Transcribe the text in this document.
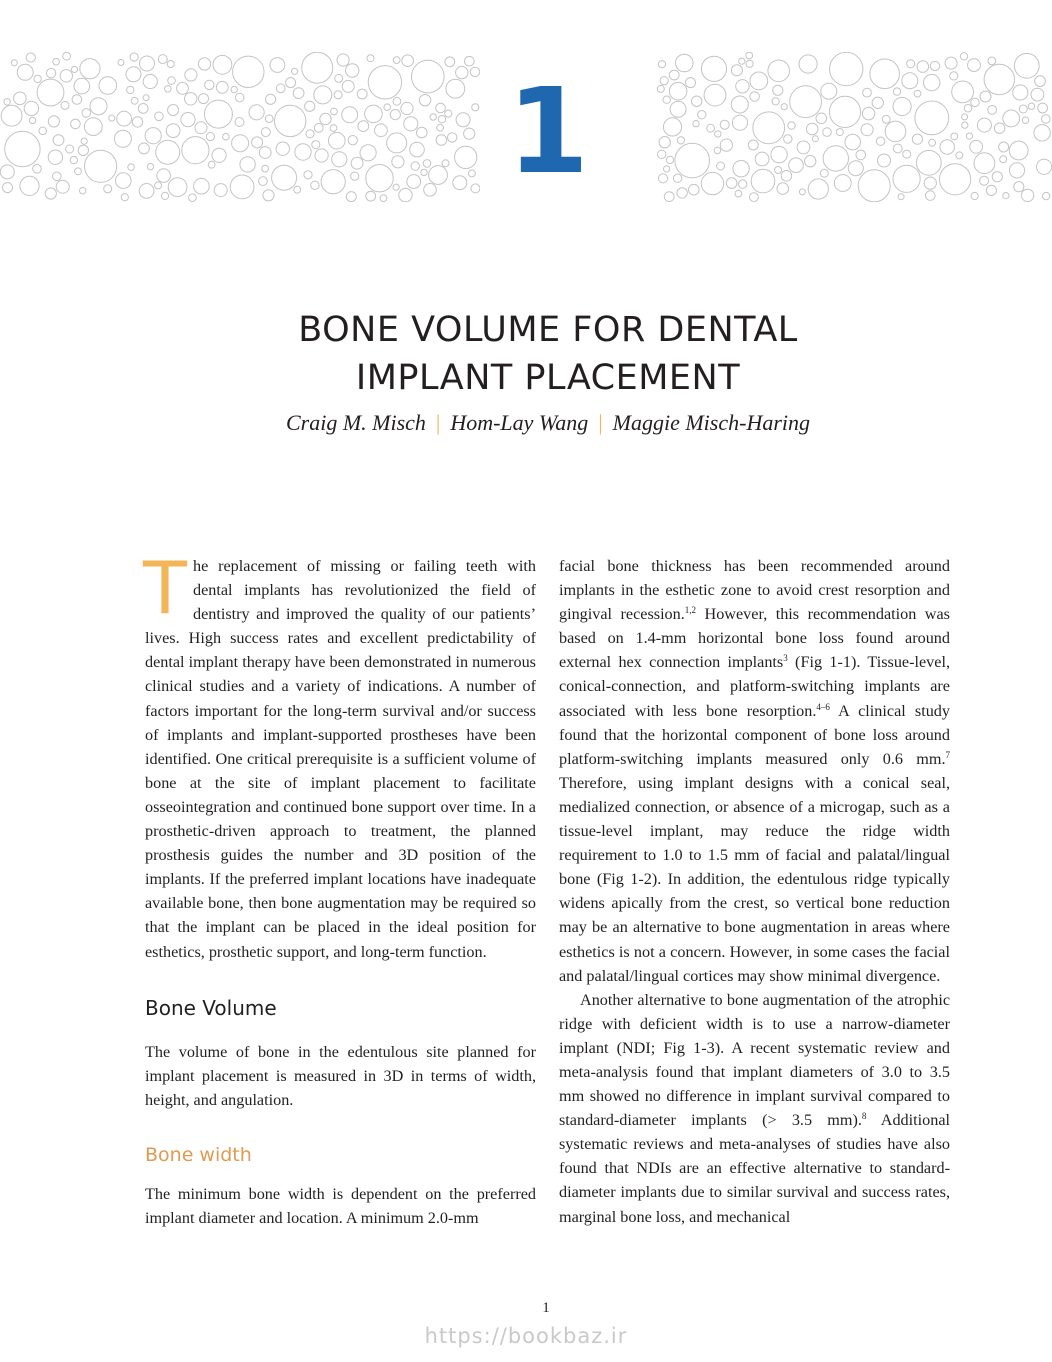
1
BONE VOLUME FOR DENTAL
IMPLANT PLACEMENT
Craig M. Misch | Hom-Lay Wang | Maggie Misch-Haring

The replacement of missing or failing teeth with dental implants has revolutionized the field of dentistry and improved the quality of our patients’ lives. High success rates and excellent predictability of dental implant therapy have been demonstrated in numerous clinical studies and a variety of indications. A number of factors important for the long-term survival and/or success of implants and implant-supported prostheses have been identified. One critical prerequisite is a sufficient volume of bone at the site of implant placement to facilitate osseointegration and continued bone support over time. In a prosthetic-driven approach to treatment, the planned prosthesis guides the number and 3D position of the implants. If the preferred implant locations have inadequate available bone, then bone augmentation may be required so that the implant can be placed in the ideal position for esthetics, prosthetic support, and long-term function.

Bone Volume

The volume of bone in the edentulous site planned for implant placement is measured in 3D in terms of width, height, and angulation.

Bone width

The minimum bone width is dependent on the preferred implant diameter and location. A minimum 2.0-mm

facial bone thickness has been recommended around implants in the esthetic zone to avoid crest resorption and gingival recession.$^{1,2}$ However, this recommendation was based on 1.4-mm horizontal bone loss found around external hex connection implants$^3$ (Fig 1-1). Tissue-level, conical-connection, and platform-switching implants are associated with less bone resorption.$^{4-6}$ A clinical study found that the horizontal component of bone loss around platform-switching implants measured only 0.6 mm.$^7$ Therefore, using implant designs with a conical seal, medialized connection, or absence of a microgap, such as a tissue-level implant, may reduce the ridge width requirement to 1.0 to 1.5 mm of facial and palatal/lingual bone (Fig 1-2). In addition, the edentulous ridge typically widens apically from the crest, so vertical bone reduction may be an alternative to bone augmentation in areas where esthetics is not a concern. However, in some cases the facial and palatal/lingual cortices may show minimal divergence.

Another alternative to bone augmentation of the atrophic ridge with deficient width is to use a narrow-diameter implant (NDI; Fig 1-3). A recent systematic review and meta-analysis found that implant diameters of 3.0 to 3.5 mm showed no difference in implant survival compared to standard-diameter implants (> 3.5 mm).$^8$ Additional systematic reviews and meta-analyses of studies have also found that NDIs are an effective alternative to standard-diameter implants due to similar survival and success rates, marginal bone loss, and mechanical

1
https://bookbaz.ir
